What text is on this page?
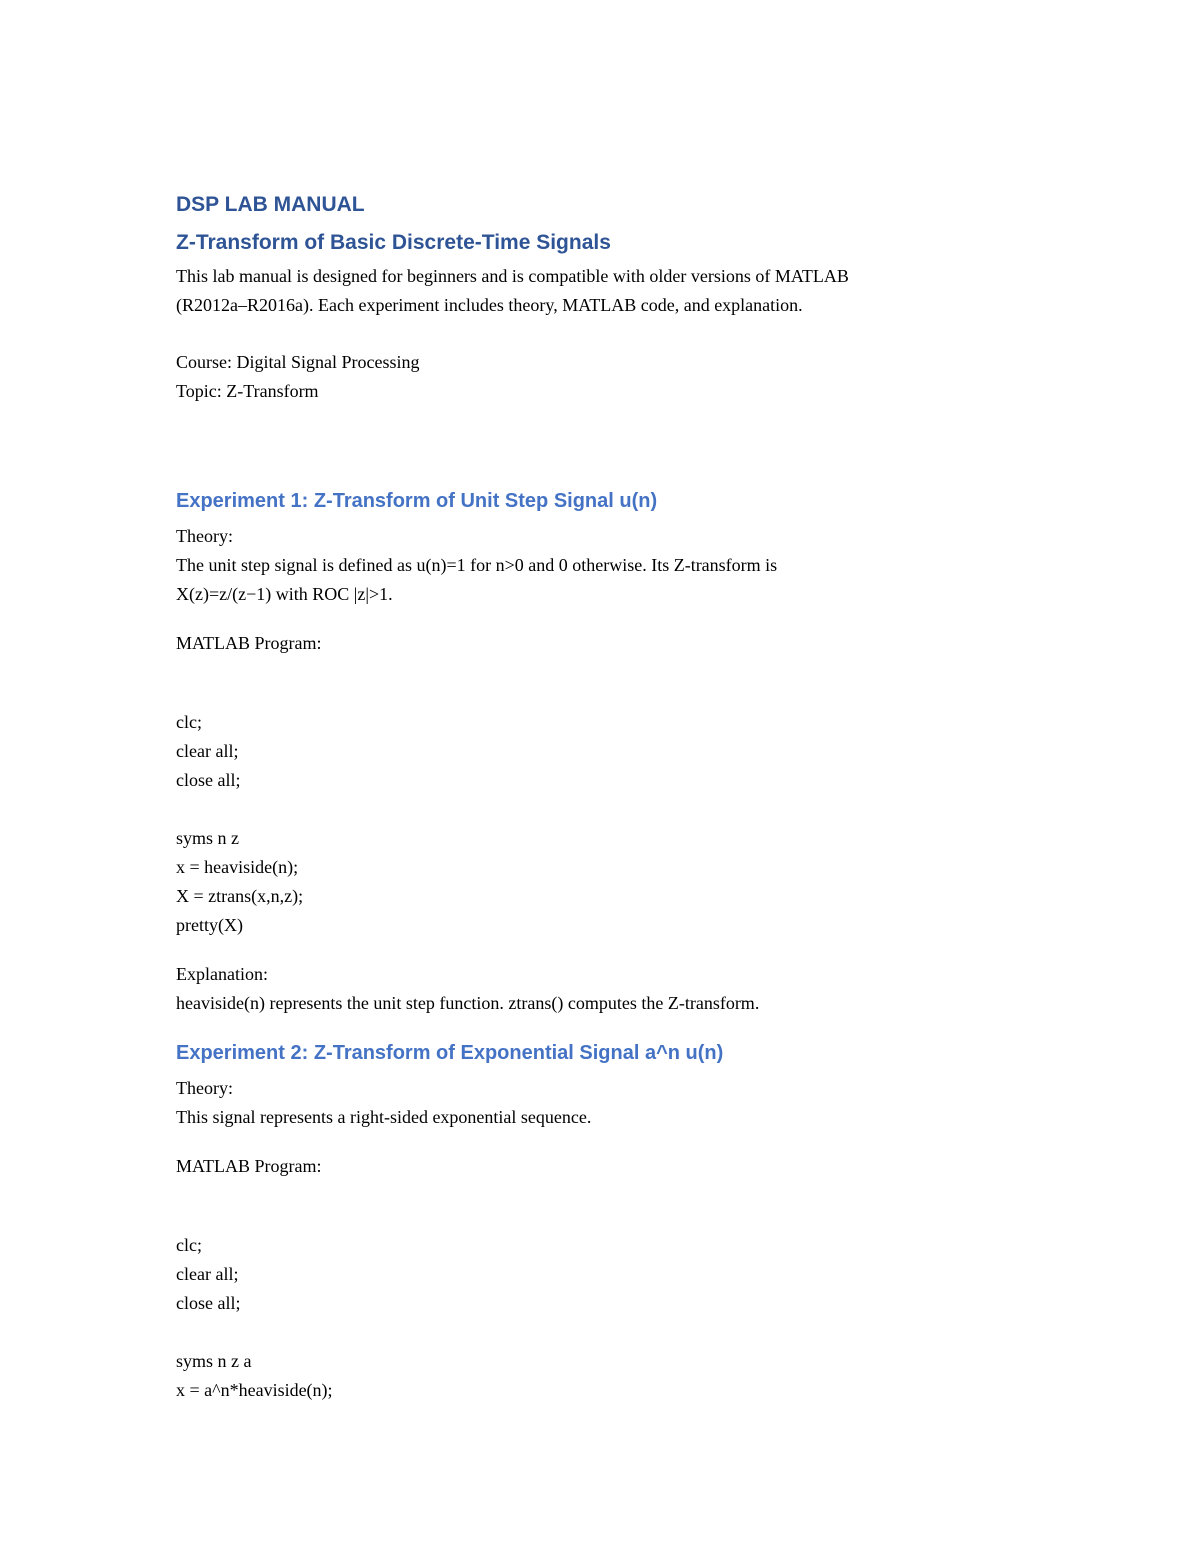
DSP LAB MANUAL
Z-Transform of Basic Discrete-Time Signals

This lab manual is designed for beginners and is compatible with older versions of MATLAB

(R2012a–R2016a). Each experiment includes theory, MATLAB code, and explanation.

Course: Digital Signal Processing

Topic: Z-Transform

Experiment 1: Z-Transform of Unit Step Signal u(n)

Theory:

The unit step signal is defined as u(n)=1 for n>0 and 0 otherwise. Its Z-transform is

X(z)=z/(z−1) with ROC |z|>1.

MATLAB Program:

clc;

clear all;

close all;

syms n z

x = heaviside(n);

X = ztrans(x,n,z);

pretty(X)

Explanation:

heaviside(n) represents the unit step function. ztrans() computes the Z-transform.

Experiment 2: Z-Transform of Exponential Signal a^n u(n)

Theory:

This signal represents a right-sided exponential sequence.

MATLAB Program:

clc;

clear all;

close all;

syms n z a

x = a^n*heaviside(n);
